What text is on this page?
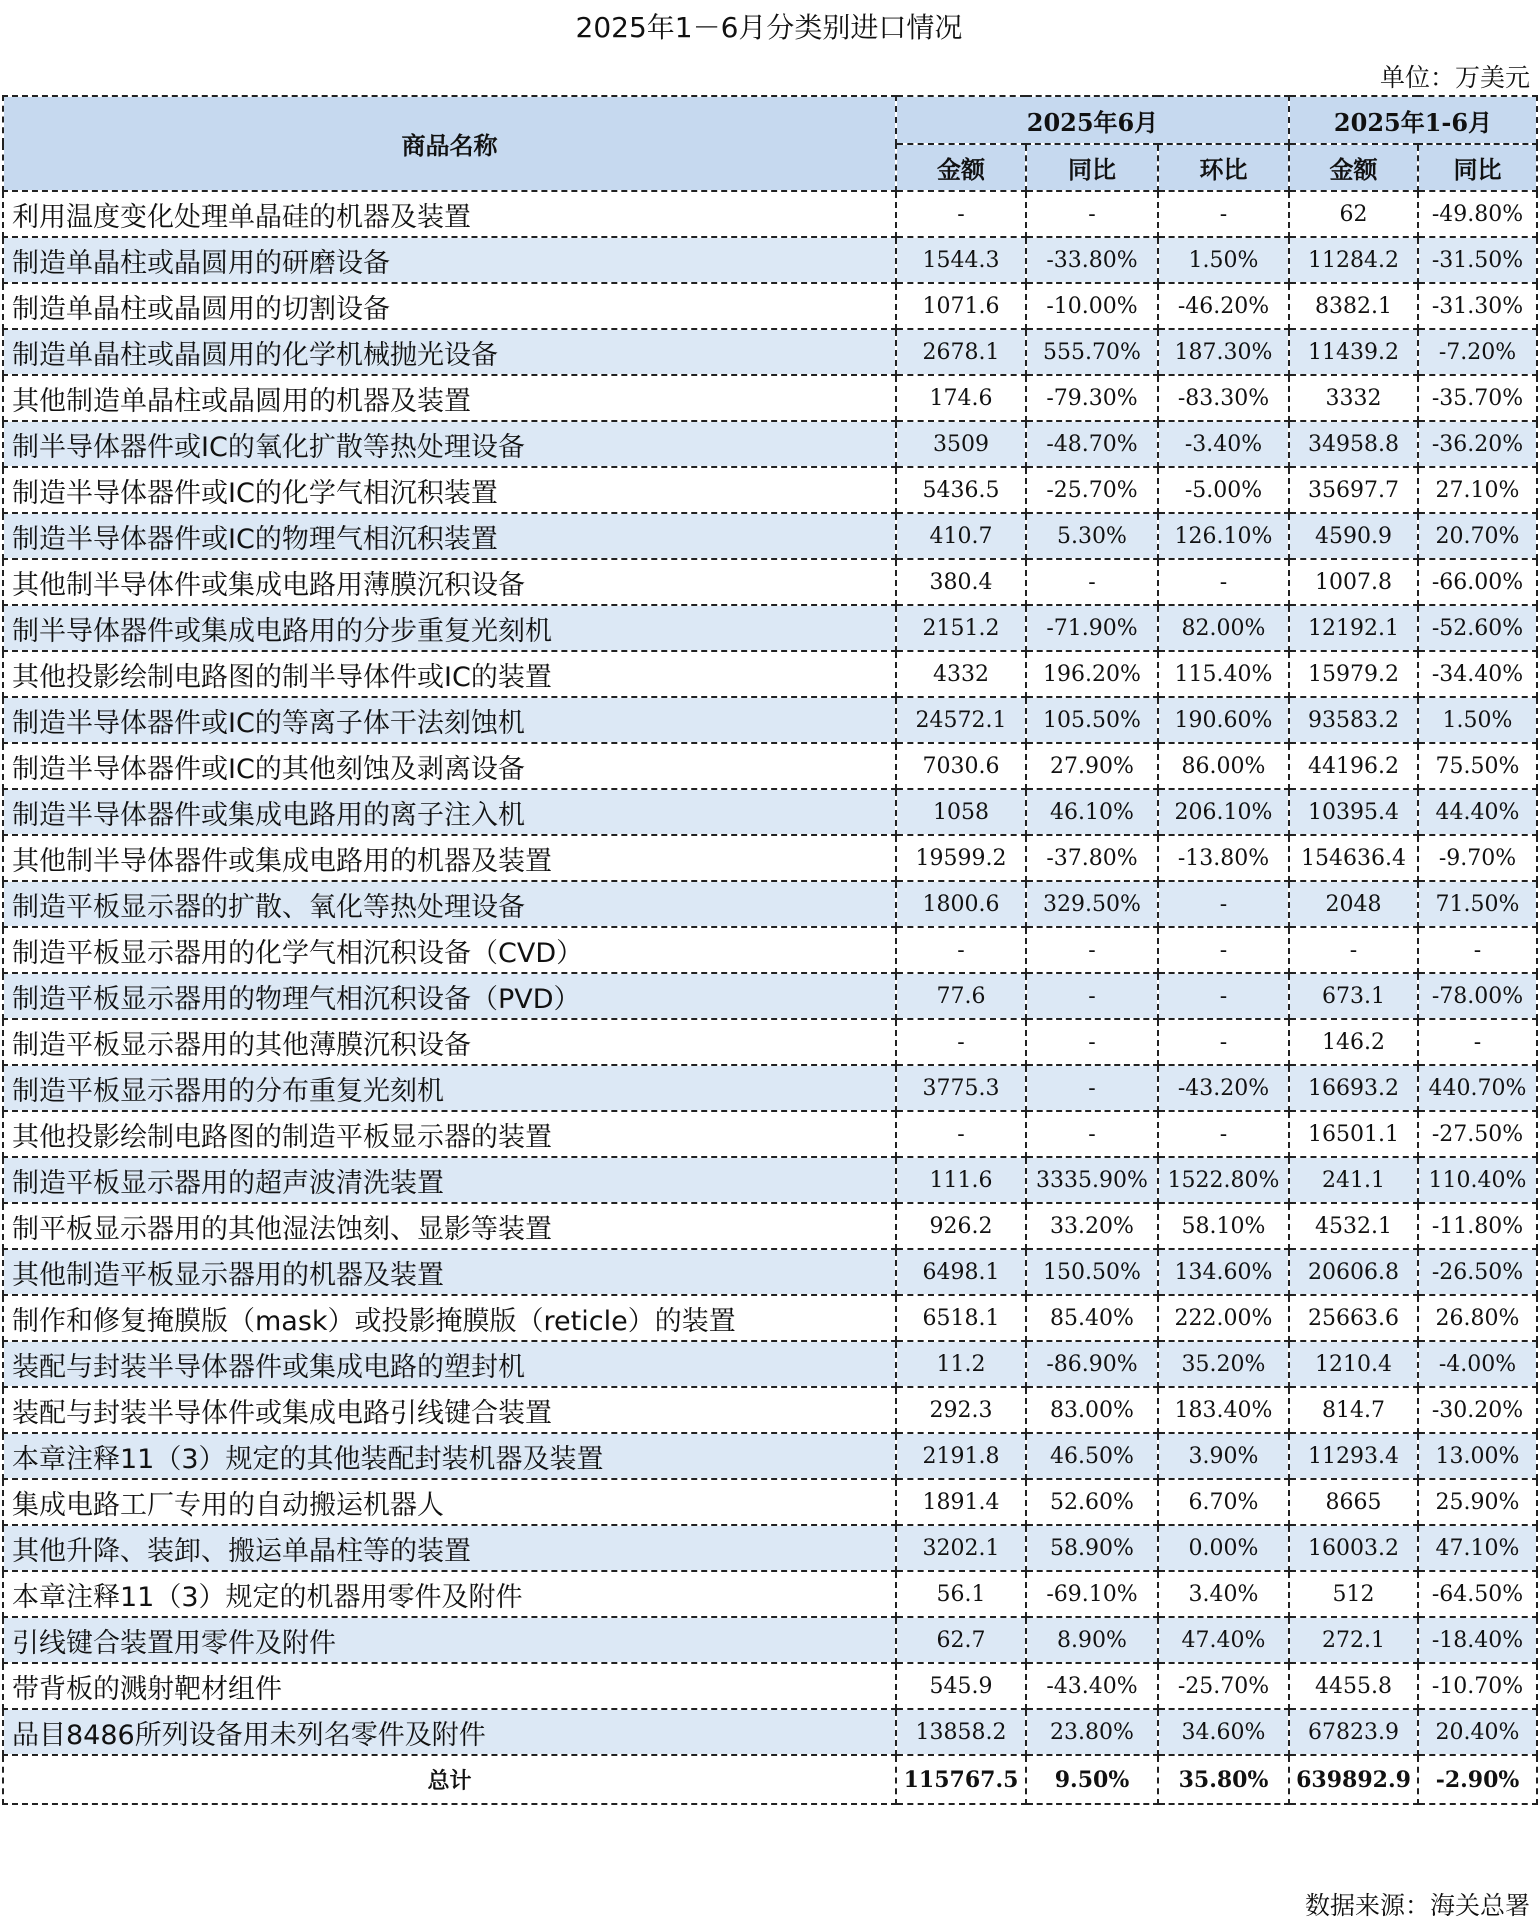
2025年1－6月分类别进口情况
单位：万美元
商品名称	2025年6月			2025年1-6月	
	金额	同比	环比	金额	同比
利用温度变化处理单晶硅的机器及装置	-	-	-	62	-49.80%
制造单晶柱或晶圆用的研磨设备	1544.3	-33.80%	1.50%	11284.2	-31.50%
制造单晶柱或晶圆用的切割设备	1071.6	-10.00%	-46.20%	8382.1	-31.30%
制造单晶柱或晶圆用的化学机械抛光设备	2678.1	555.70%	187.30%	11439.2	-7.20%
其他制造单晶柱或晶圆用的机器及装置	174.6	-79.30%	-83.30%	3332	-35.70%
制半导体器件或IC的氧化扩散等热处理设备	3509	-48.70%	-3.40%	34958.8	-36.20%
制造半导体器件或IC的化学气相沉积装置	5436.5	-25.70%	-5.00%	35697.7	27.10%
制造半导体器件或IC的物理气相沉积装置	410.7	5.30%	126.10%	4590.9	20.70%
其他制半导体件或集成电路用薄膜沉积设备	380.4	-	-	1007.8	-66.00%
制半导体器件或集成电路用的分步重复光刻机	2151.2	-71.90%	82.00%	12192.1	-52.60%
其他投影绘制电路图的制半导体件或IC的装置	4332	196.20%	115.40%	15979.2	-34.40%
制造半导体器件或IC的等离子体干法刻蚀机	24572.1	105.50%	190.60%	93583.2	1.50%
制造半导体器件或IC的其他刻蚀及剥离设备	7030.6	27.90%	86.00%	44196.2	75.50%
制造半导体器件或集成电路用的离子注入机	1058	46.10%	206.10%	10395.4	44.40%
其他制半导体器件或集成电路用的机器及装置	19599.2	-37.80%	-13.80%	154636.4	-9.70%
制造平板显示器的扩散、氧化等热处理设备	1800.6	329.50%	-	2048	71.50%
制造平板显示器用的化学气相沉积设备（CVD）	-	-	-	-	-
制造平板显示器用的物理气相沉积设备（PVD）	77.6	-	-	673.1	-78.00%
制造平板显示器用的其他薄膜沉积设备	-	-	-	146.2	-
制造平板显示器用的分布重复光刻机	3775.3	-	-43.20%	16693.2	440.70%
其他投影绘制电路图的制造平板显示器的装置	-	-	-	16501.1	-27.50%
制造平板显示器用的超声波清洗装置	111.6	3335.90%	1522.80%	241.1	110.40%
制平板显示器用的其他湿法蚀刻、显影等装置	926.2	33.20%	58.10%	4532.1	-11.80%
其他制造平板显示器用的机器及装置	6498.1	150.50%	134.60%	20606.8	-26.50%
制作和修复掩膜版（mask）或投影掩膜版（reticle）的装置	6518.1	85.40%	222.00%	25663.6	26.80%
装配与封装半导体器件或集成电路的塑封机	11.2	-86.90%	35.20%	1210.4	-4.00%
装配与封装半导体件或集成电路引线键合装置	292.3	83.00%	183.40%	814.7	-30.20%
本章注释11（3）规定的其他装配封装机器及装置	2191.8	46.50%	3.90%	11293.4	13.00%
集成电路工厂专用的自动搬运机器人	1891.4	52.60%	6.70%	8665	25.90%
其他升降、装卸、搬运单晶柱等的装置	3202.1	58.90%	0.00%	16003.2	47.10%
本章注释11（3）规定的机器用零件及附件	56.1	-69.10%	3.40%	512	-64.50%
引线键合装置用零件及附件	62.7	8.90%	47.40%	272.1	-18.40%
带背板的溅射靶材组件	545.9	-43.40%	-25.70%	4455.8	-10.70%
品目8486所列设备用未列名零件及附件	13858.2	23.80%	34.60%	67823.9	20.40%
总计	115767.5	9.50%	35.80%	639892.9	-2.90%
数据来源：海关总署
